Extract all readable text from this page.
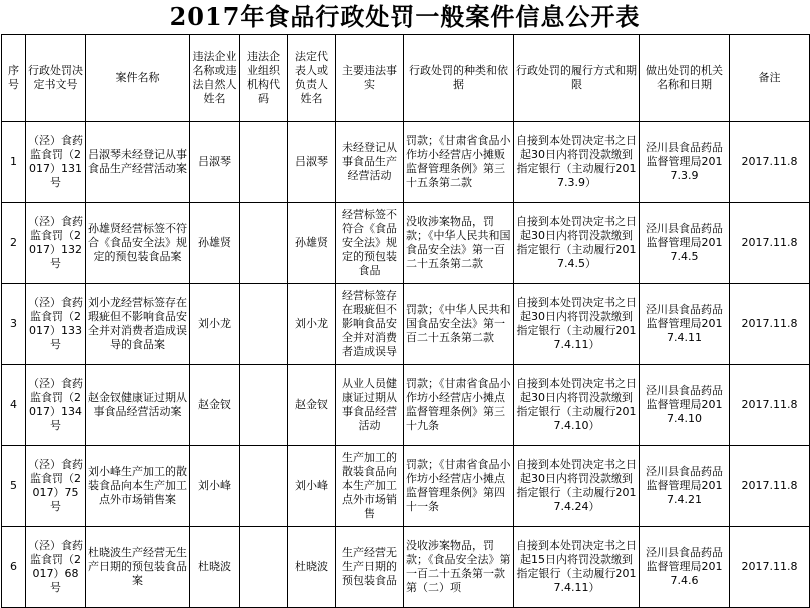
2017年食品行政处罚一般案件信息公开表
序号	行政处罚决定书文号	案件名称	违法企业名称或违法自然人姓名	违法企业组织机构代码	法定代表人或负责人姓名	主要违法事实	行政处罚的种类和依据	行政处罚的履行方式和期限	做出处罚的机关名称和日期	备注
1	（泾）食药监食罚（2017）131号	吕淑琴未经登记从事食品生产经营活动案	吕淑琴		吕淑琴	未经登记从事食品生产经营活动	罚款；《甘肃省食品小作坊小经营店小摊贩监督管理条例》第三十五条第二款	自接到本处罚决定书之日起30日内将罚没款缴到指定银行（主动履行2017.3.9）	泾川县食品药品监督管理局2017.3.9	2017.11.8
2	（泾）食药监食罚（2017）132号	孙雄贤经营标签不符合《食品安全法》规定的预包装食品案	孙雄贤		孙雄贤	经营标签不符合《食品安全法》规定的预包装食品	没收涉案物品，罚款；《中华人民共和国食品安全法》第一百二十五条第二款	自接到本处罚决定书之日起30日内将罚没款缴到指定银行（主动履行2017.4.5）	泾川县食品药品监督管理局2017.4.5	2017.11.8
3	（泾）食药监食罚（2017）133号	刘小龙经营标签存在瑕疵但不影响食品安全并对消费者造成误导的食品案	刘小龙		刘小龙	经营标签存在瑕疵但不影响食品安全并对消费者造成误导	罚款；《中华人民共和国食品安全法》第一百二十五条第二款	自接到本处罚决定书之日起30日内将罚没款缴到指定银行（主动履行2017.4.11）	泾川县食品药品监督管理局2017.4.11	2017.11.8
4	（泾）食药监食罚（2017）134号	赵金钗健康证过期从事食品经营活动案	赵金钗		赵金钗	从业人员健康证过期从事食品经营活动	罚款；《甘肃省食品小作坊小经营店小摊点监督管理条例》第三十九条	自接到本处罚决定书之日起30日内将罚没款缴到指定银行（主动履行2017.4.10）	泾川县食品药品监督管理局2017.4.10	2017.11.8
5	（泾）食药监食罚（2017）75号	刘小峰生产加工的散装食品向本生产加工点外市场销售案	刘小峰		刘小峰	生产加工的散装食品向本生产加工点外市场销售	罚款；《甘肃省食品小作坊小经营店小摊点监督管理条例》第四十一条	自接到本处罚决定书之日起30日内将罚没款缴到指定银行（主动履行2017.4.24）	泾川县食品药品监督管理局2017.4.21	2017.11.8
6	（泾）食药监食罚（2017）68号	杜晓波生产经营无生产日期的预包装食品案	杜晓波		杜晓波	生产经营无生产日期的预包装食品	没收涉案物品，罚款；《食品安全法》第一百二十五条第一款第（二）项	自接到本处罚决定书之日起15日内将罚没款缴到指定银行（主动履行2017.4.11）	泾川县食品药品监督管理局2017.4.6	2017.11.8
